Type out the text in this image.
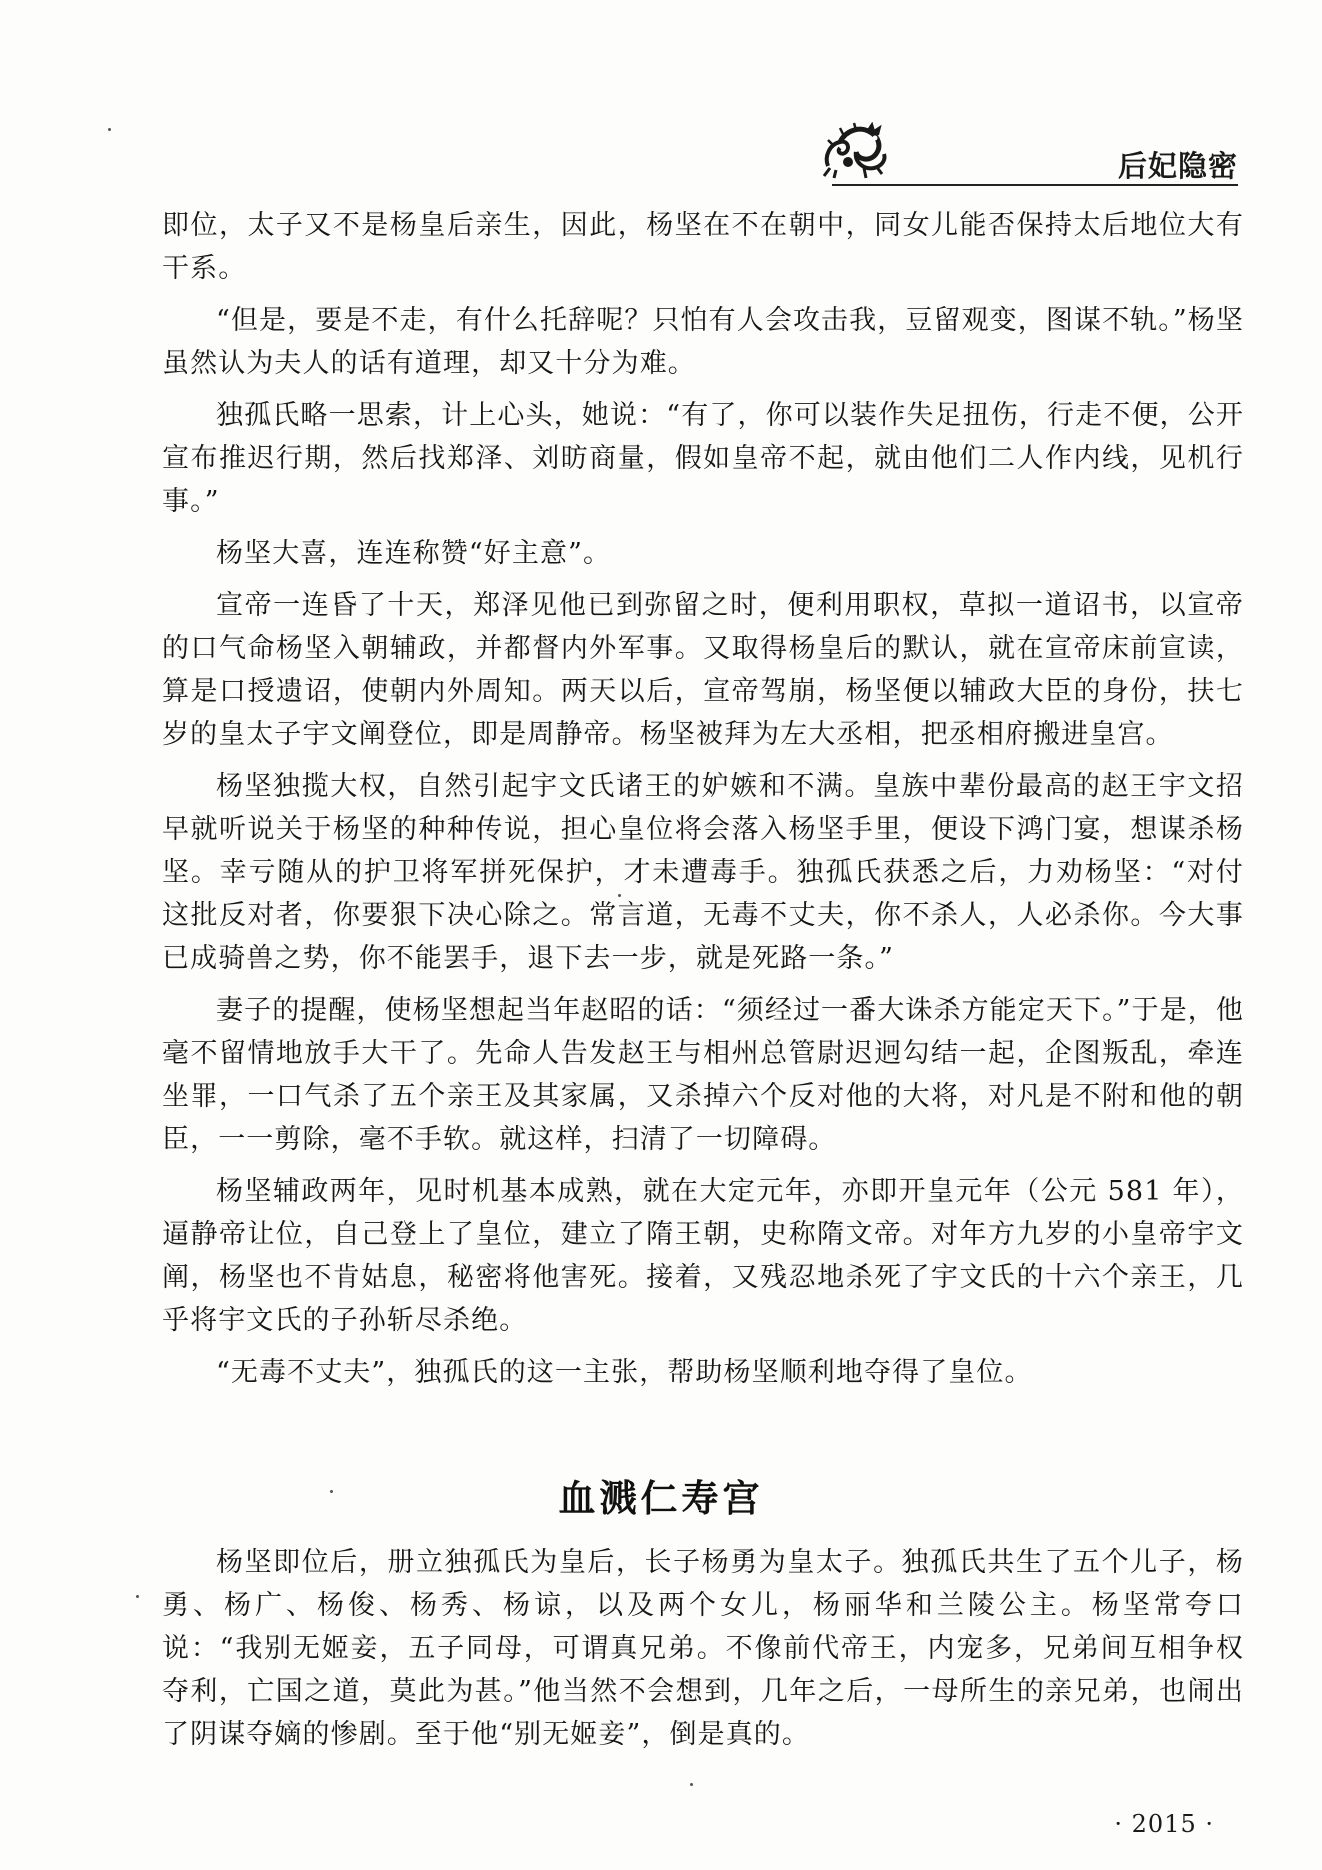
后妃隐密

即位，太子又不是杨皇后亲生，因此，杨坚在不在朝中，同女儿能否保持太后地位大有干系。

“但是，要是不走，有什么托辞呢？只怕有人会攻击我，豆留观变，图谋不轨。”杨坚虽然认为夫人的话有道理，却又十分为难。

独孤氏略一思索，计上心头，她说：“有了，你可以装作失足扭伤，行走不便，公开宣布推迟行期，然后找郑泽、刘昉商量，假如皇帝不起，就由他们二人作内线，见机行事。”

杨坚大喜，连连称赞“好主意”。

宣帝一连昏了十天，郑泽见他已到弥留之时，便利用职权，草拟一道诏书，以宣帝的口气命杨坚入朝辅政，并都督内外军事。又取得杨皇后的默认，就在宣帝床前宣读，算是口授遗诏，使朝内外周知。两天以后，宣帝驾崩，杨坚便以辅政大臣的身份，扶七岁的皇太子宇文阐登位，即是周静帝。杨坚被拜为左大丞相，把丞相府搬进皇宫。

杨坚独揽大权，自然引起宇文氏诸王的妒嫉和不满。皇族中辈份最高的赵王宇文招早就听说关于杨坚的种种传说，担心皇位将会落入杨坚手里，便设下鸿门宴，想谋杀杨坚。幸亏随从的护卫将军拼死保护，才未遭毒手。独孤氏获悉之后，力劝杨坚：“对付这批反对者，你要狠下决心除之。常言道，无毒不丈夫，你不杀人，人必杀你。今大事已成骑兽之势，你不能罢手，退下去一步，就是死路一条。”

妻子的提醒，使杨坚想起当年赵昭的话：“须经过一番大诛杀方能定天下。”于是，他毫不留情地放手大干了。先命人告发赵王与相州总管尉迟迥勾结一起，企图叛乱，牵连坐罪，一口气杀了五个亲王及其家属，又杀掉六个反对他的大将，对凡是不附和他的朝臣，一一剪除，毫不手软。就这样，扫清了一切障碍。

杨坚辅政两年，见时机基本成熟，就在大定元年，亦即开皇元年（公元 581 年），逼静帝让位，自己登上了皇位，建立了隋王朝，史称隋文帝。对年方九岁的小皇帝宇文阐，杨坚也不肯姑息，秘密将他害死。接着，又残忍地杀死了宇文氏的十六个亲王，几乎将宇文氏的子孙斩尽杀绝。

“无毒不丈夫”，独孤氏的这一主张，帮助杨坚顺利地夺得了皇位。

血溅仁寿宫

杨坚即位后，册立独孤氏为皇后，长子杨勇为皇太子。独孤氏共生了五个儿子，杨勇、杨广、杨俊、杨秀、杨谅，以及两个女儿，杨丽华和兰陵公主。杨坚常夸口说：“我别无姬妾，五子同母，可谓真兄弟。不像前代帝王，内宠多，兄弟间互相争权夺利，亡国之道，莫此为甚。”他当然不会想到，几年之后，一母所生的亲兄弟，也闹出了阴谋夺嫡的惨剧。至于他“别无姬妾”，倒是真的。

· 2015 ·
